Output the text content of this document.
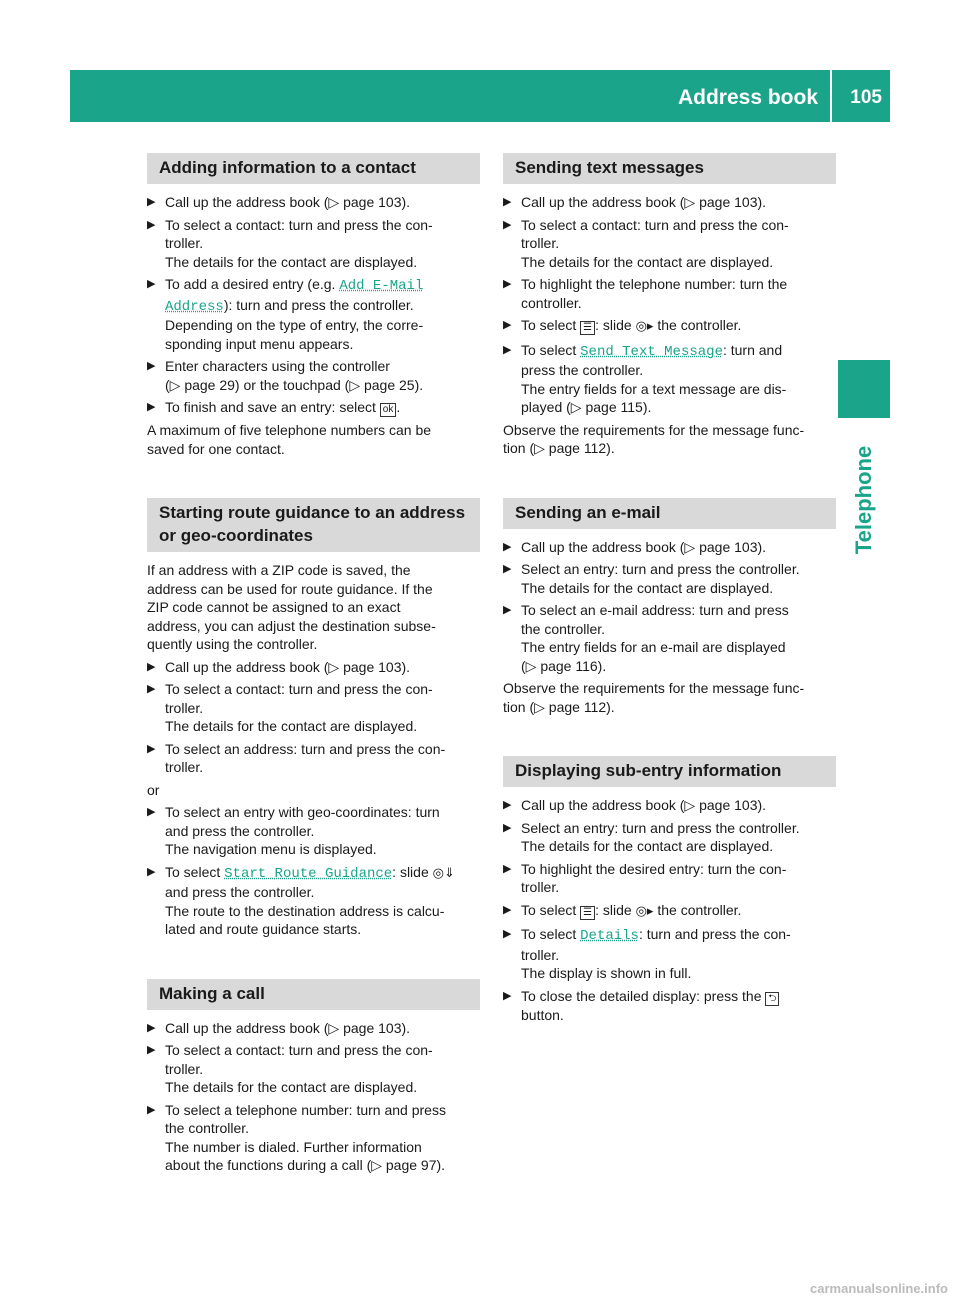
Address book 105
Telephone
Adding information to a contact
▶ Call up the address book (▷ page 103).
▶ To select a contact: turn and press the con-
troller.
The details for the contact are displayed.
▶ To add a desired entry (e.g. Add E-Mail Address): turn and press the controller.
Depending on the type of entry, the corre-
sponding input menu appears.
▶ Enter characters using the controller
(▷ page 29) or the touchpad (▷ page 25).
▶ To finish and save an entry: select ok .
A maximum of five telephone numbers can be
saved for one contact.
Starting route guidance to an address
or geo-coordinates
If an address with a ZIP code is saved, the
address can be used for route guidance. If the
ZIP code cannot be assigned to an exact
address, you can adjust the destination subse-
quently using the controller.
▶ Call up the address book (▷ page 103).
▶ To select a contact: turn and press the con-
troller.
The details for the contact are displayed.
▶ To select an address: turn and press the con-
troller.
or
▶ To select an entry with geo-coordinates: turn
and press the controller.
The navigation menu is displayed.
▶ To select Start Route Guidance: slide ◎⇓
and press the controller.
The route to the destination address is calcu-
lated and route guidance starts.
Making a call
▶ Call up the address book (▷ page 103).
▶ To select a contact: turn and press the con-
troller.
The details for the contact are displayed.
▶ To select a telephone number: turn and press
the controller.
The number is dialed. Further information
about the functions during a call (▷ page 97).
Sending text messages
▶ Call up the address book (▷ page 103).
▶ To select a contact: turn and press the con-
troller.
The details for the contact are displayed.
▶ To highlight the telephone number: turn the
controller.
▶ To select ☰ : slide ◎▸ the controller.
▶ To select Send Text Message: turn and
press the controller.
The entry fields for a text message are dis-
played (▷ page 115).
Observe the requirements for the message func-
tion (▷ page 112).
Sending an e-mail
▶ Call up the address book (▷ page 103).
▶ Select an entry: turn and press the controller.
The details for the contact are displayed.
▶ To select an e-mail address: turn and press
the controller.
The entry fields for an e-mail are displayed
(▷ page 116).
Observe the requirements for the message func-
tion (▷ page 112).
Displaying sub-entry information
▶ Call up the address book (▷ page 103).
▶ Select an entry: turn and press the controller.
The details for the contact are displayed.
▶ To highlight the desired entry: turn the con-
troller.
▶ To select ☰ : slide ◎▸ the controller.
▶ To select Details: turn and press the con-
troller.
The display is shown in full.
▶ To close the detailed display: press the ⮌
button.
carmanualsonline.info
